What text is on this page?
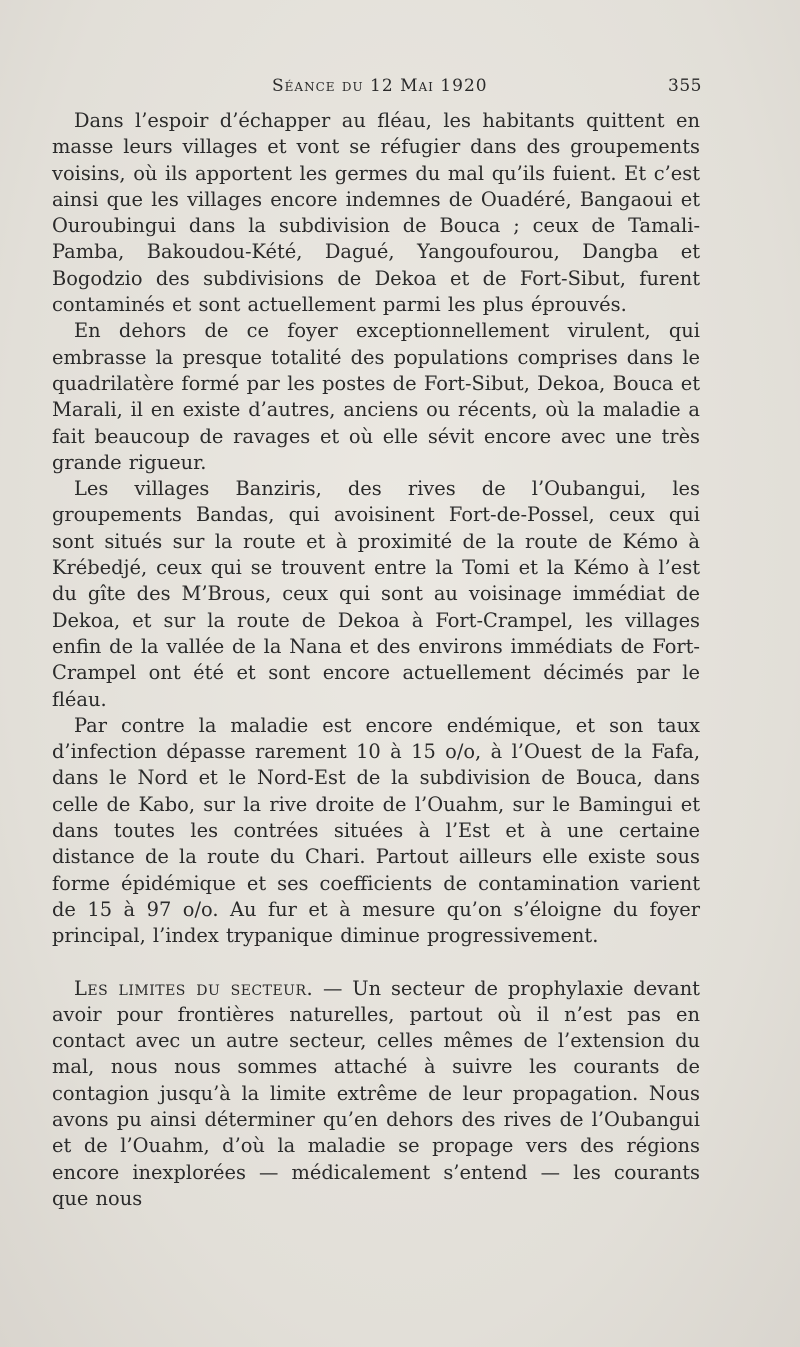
Séance du 12 Mai 1920	355

Dans l’espoir d’échapper au fléau, les habitants quittent en masse leurs villages et vont se réfugier dans des groupements voisins, où ils apportent les germes du mal qu’ils fuient. Et c’est ainsi que les villages encore indemnes de Ouadéré, Bangaoui et Ouroubingui dans la subdivision de Bouca ; ceux de Tamali-Pamba, Bakoudou-Kété, Dagué, Yangoufourou, Dangba et Bogodzio des subdivisions de Dekoa et de Fort-Sibut, furent contaminés et sont actuellement parmi les plus éprouvés.

En dehors de ce foyer exceptionnellement virulent, qui embrasse la presque totalité des populations comprises dans le quadrilatère formé par les postes de Fort-Sibut, Dekoa, Bouca et Marali, il en existe d’autres, anciens ou récents, où la maladie a fait beaucoup de ravages et où elle sévit encore avec une très grande rigueur.

Les villages Banziris, des rives de l’Oubangui, les groupements Bandas, qui avoisinent Fort-de-Possel, ceux qui sont situés sur la route et à proximité de la route de Kémo à Krébedjé, ceux qui se trouvent entre la Tomi et la Kémo à l’est du gîte des M’Brous, ceux qui sont au voisinage immédiat de Dekoa, et sur la route de Dekoa à Fort-Crampel, les villages enfin de la vallée de la Nana et des environs immédiats de Fort-Crampel ont été et sont encore actuellement décimés par le fléau.

Par contre la maladie est encore endémique, et son taux d’infection dépasse rarement 10 à 15 o/o, à l’Ouest de la Fafa, dans le Nord et le Nord-Est de la subdivision de Bouca, dans celle de Kabo, sur la rive droite de l’Ouahm, sur le Bamingui et dans toutes les contrées situées à l’Est et à une certaine distance de la route du Chari. Partout ailleurs elle existe sous forme épidémique et ses coefficients de contamination varient de 15 à 97 o/o. Au fur et à mesure qu’on s’éloigne du foyer principal, l’index trypanique diminue progressivement.

Les limites du secteur. — Un secteur de prophylaxie devant avoir pour frontières naturelles, partout où il n’est pas en contact avec un autre secteur, celles mêmes de l’extension du mal, nous nous sommes attaché à suivre les courants de contagion jusqu’à la limite extrême de leur propagation. Nous avons pu ainsi déterminer qu’en dehors des rives de l’Oubangui et de l’Ouahm, d’où la maladie se propage vers des régions encore inexplorées — médicalement s’entend — les courants que nous
